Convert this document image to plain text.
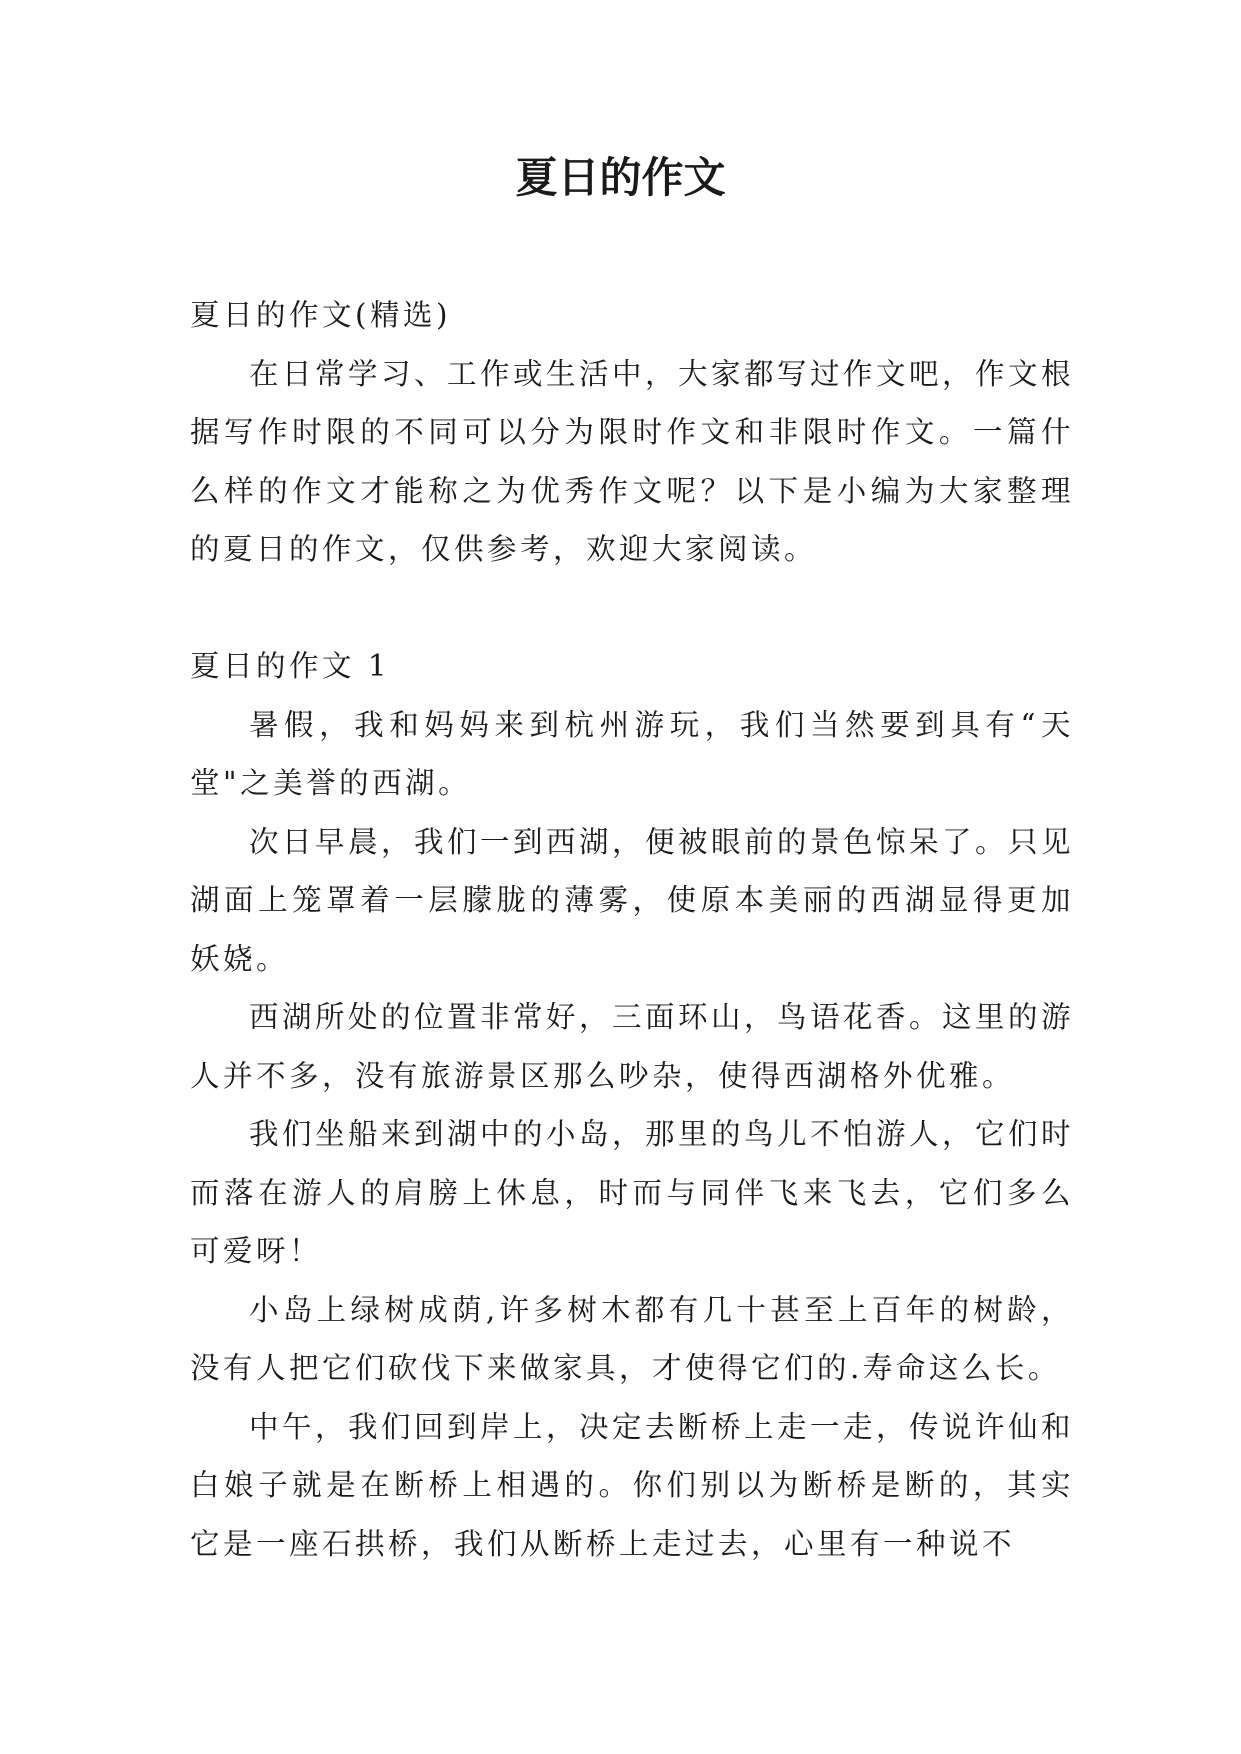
夏日的作文

夏日的作文(精选)

在日常学习、工作或生活中，大家都写过作文吧，作文根据写作时限的不同可以分为限时作文和非限时作文。一篇什么样的作文才能称之为优秀作文呢？以下是小编为大家整理的夏日的作文，仅供参考，欢迎大家阅读。

夏日的作文 1

暑假，我和妈妈来到杭州游玩，我们当然要到具有“天堂"之美誉的西湖。

次日早晨，我们一到西湖，便被眼前的景色惊呆了。只见湖面上笼罩着一层朦胧的薄雾，使原本美丽的西湖显得更加妖娆。

西湖所处的位置非常好，三面环山，鸟语花香。这里的游人并不多，没有旅游景区那么吵杂，使得西湖格外优雅。

我们坐船来到湖中的小岛，那里的鸟儿不怕游人，它们时而落在游人的肩膀上休息，时而与同伴飞来飞去，它们多么可爱呀！

小岛上绿树成荫,许多树木都有几十甚至上百年的树龄，没有人把它们砍伐下来做家具，才使得它们的.寿命这么长。

中午，我们回到岸上，决定去断桥上走一走，传说许仙和白娘子就是在断桥上相遇的。你们别以为断桥是断的，其实它是一座石拱桥，我们从断桥上走过去，心里有一种说不
